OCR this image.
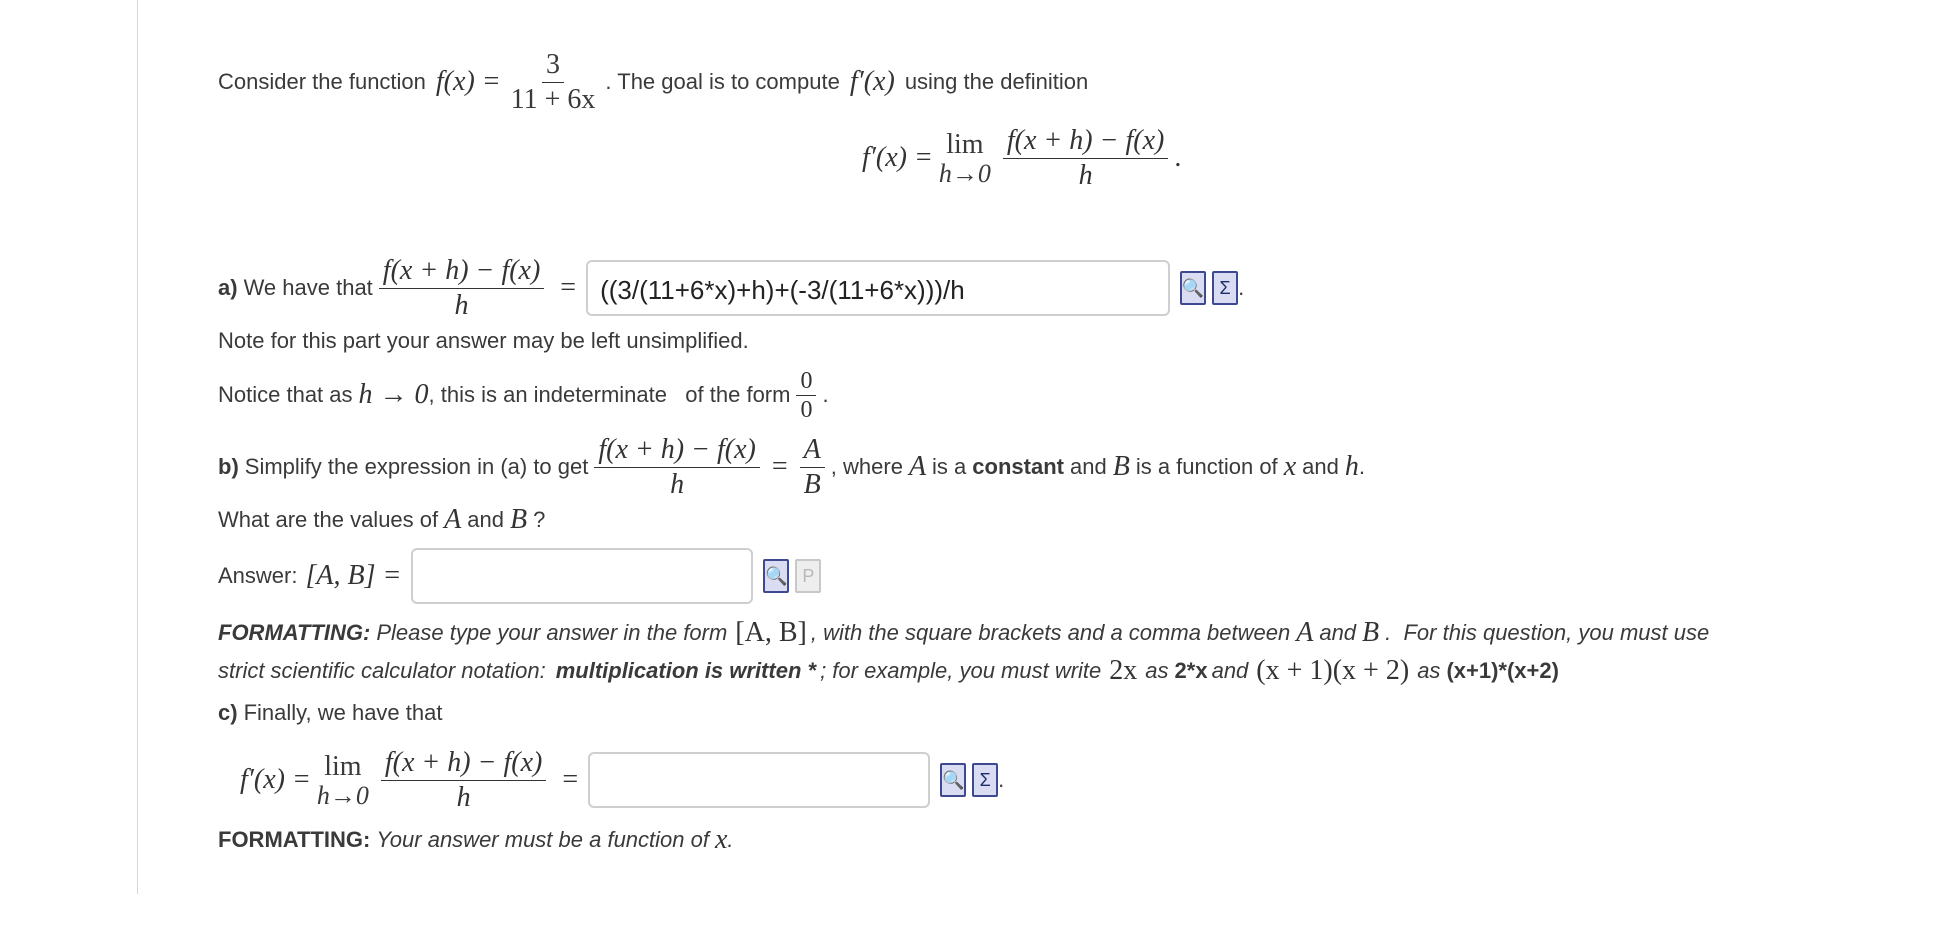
Consider the function $f(x) = \frac{3}{11 + 6x}$ . The goal is to compute f′(x) using the definition
f′(x) = lim
$h\to 0 \frac{f(x + h) - f(x)}{h}$ .
a) We have that $\frac{f(x + h) - f(x)}{h} = ((3/(11+6*x)+h)+(-3/(11+6*x)))/h$	🔍 Σ .
Note for this part your answer may be left unsimplified.
Notice that as h → 0 , this is an indeterminate   of the form $\frac{0}{0}$ .
b) Simplify the expression in (a) to get $\frac{f(x + h) - f(x)}{h} = \frac{A}{B}$ , where A is a constant and B is a function of x and h .
What are the values of A and B ?
Answer: [A, B] =	🔍 P
FORMATTING: Please type your answer in the form [A, B] , with the square brackets and a comma between A and B .  For this question, you must use
strict scientific calculator notation: multiplication is written * ; for example, you must write 2x as 2*x and (x + 1)(x + 2) as (x+1)*(x+2)
c) Finally, we have that
f′(x) = lim
$h\to 0 \frac{f(x + h) - f(x)}{h}$ =	🔍 Σ .
FORMATTING: Your answer must be a function of x .
